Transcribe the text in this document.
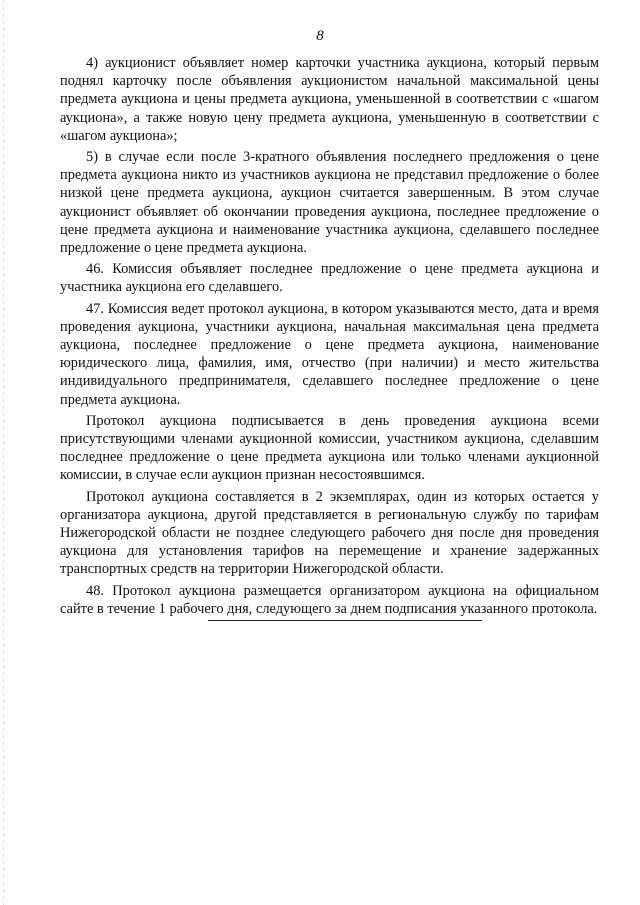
8

4) аукционист объявляет номер карточки участника аукциона, который первым поднял карточку после объявления аукционистом начальной максимальной цены предмета аукциона и цены предмета аукциона, уменьшенной в соответствии с «шагом аукциона», а также новую цену предмета аукциона, уменьшенную в соответствии с «шагом аукциона»;

5) в случае если после 3-кратного объявления последнего предложения о цене предмета аукциона никто из участников аукциона не представил предложение о более низкой цене предмета аукциона, аукцион считается завершенным. В этом случае аукционист объявляет об окончании проведения аукциона, последнее предложение о цене предмета аукциона и наименование участника аукциона, сделавшего последнее предложение о цене предмета аукциона.

46. Комиссия объявляет последнее предложение о цене предмета аукциона и участника аукциона его сделавшего.

47. Комиссия ведет протокол аукциона, в котором указываются место, дата и время проведения аукциона, участники аукциона, начальная максимальная цена предмета аукциона, последнее предложение о цене предмета аукциона, наименование юридического лица, фамилия, имя, отчество (при наличии) и место жительства индивидуального предпринимателя, сделавшего последнее предложение о цене предмета аукциона.

Протокол аукциона подписывается в день проведения аукциона всеми присутствующими членами аукционной комиссии, участником аукциона, сделавшим последнее предложение о цене предмета аукциона или только членами аукционной комиссии, в случае если аукцион признан несостоявшимся.

Протокол аукциона составляется в 2 экземплярах, один из которых остается у организатора аукциона, другой представляется в региональную службу по тарифам Нижегородской области не позднее следующего рабочего дня после дня проведения аукциона для установления тарифов на перемещение и хранение задержанных транспортных средств на территории Нижегородской области.

48. Протокол аукциона размещается организатором аукциона на официальном сайте в течение 1 рабочего дня, следующего за днем подписания указанного протокола.
